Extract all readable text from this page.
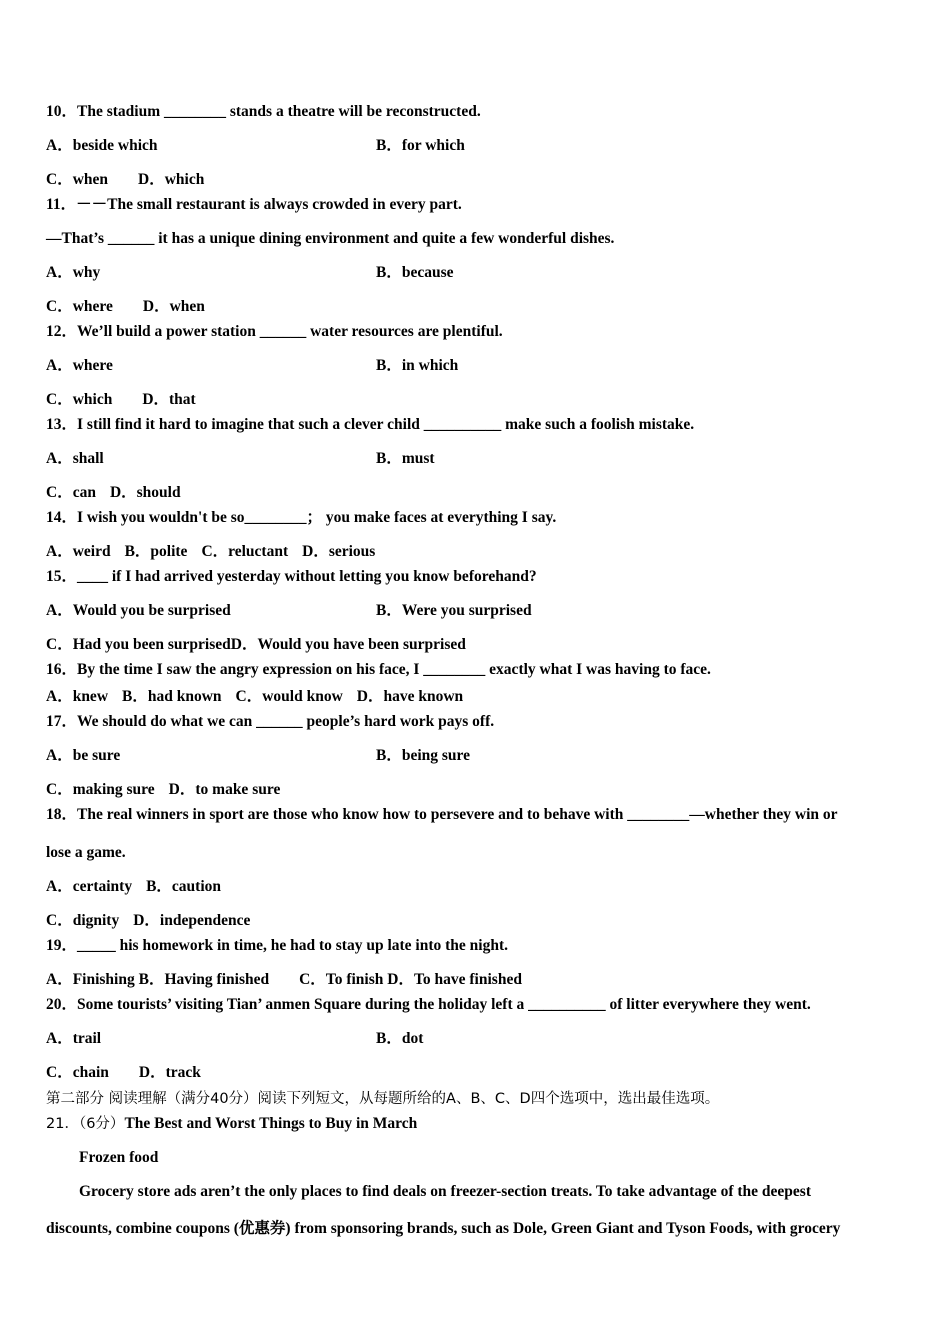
10．The stadium ________ stands a theatre will be reconstructed.
A．beside which	B．for which
C．when D．which
11．－－The small restaurant is always crowded in every part.
—That’s ______ it has a unique dining environment and quite a few wonderful dishes.
A．why	B．because
C．where D．when
12．We’ll build a power station ______ water resources are plentiful.
A．where	B．in which
C．which D．that
13．I still find it hard to imagine that such a clever child __________ make such a foolish mistake.
A．shall	B．must
C．can D．should
14．I wish you wouldn't be so________； you make faces at everything I say.
A．weird B．polite C．reluctant D．serious
15．____ if I had arrived yesterday without letting you know beforehand?
A．Would you be surprised	B．Were you surprised
C．Had you been surprisedD．Would you have been surprised
16．By the time I saw the angry expression on his face, I ________ exactly what I was having to face.
A．knew B．had known C．would know D．have known
17．We should do what we can ______ people’s hard work pays off.
A．be sure	B．being sure
C．making sure D．to make sure
18．The real winners in sport are those who know how to persevere and to behave with ________—whether they win or
lose a game.
A．certainty B．caution
C．dignity D．independence
19．_____ his homework in time, he had to stay up late into the night.
A．Finishing B．Having finished C．To finish D．To have finished
20．Some tourists’ visiting Tian’ anmen Square during the holiday left a __________ of litter everywhere they went.
A．trail	B．dot
C．chain D．track
第二部分 阅读理解（满分40分）阅读下列短文，从每题所给的A、B、C、D四个选项中，选出最佳选项。
21．（6分）The Best and Worst Things to Buy in March
Frozen food
Grocery store ads aren’t the only places to find deals on freezer-section treats. To take advantage of the deepest
discounts, combine coupons (优惠券) from sponsoring brands, such as Dole, Green Giant and Tyson Foods, with grocery
